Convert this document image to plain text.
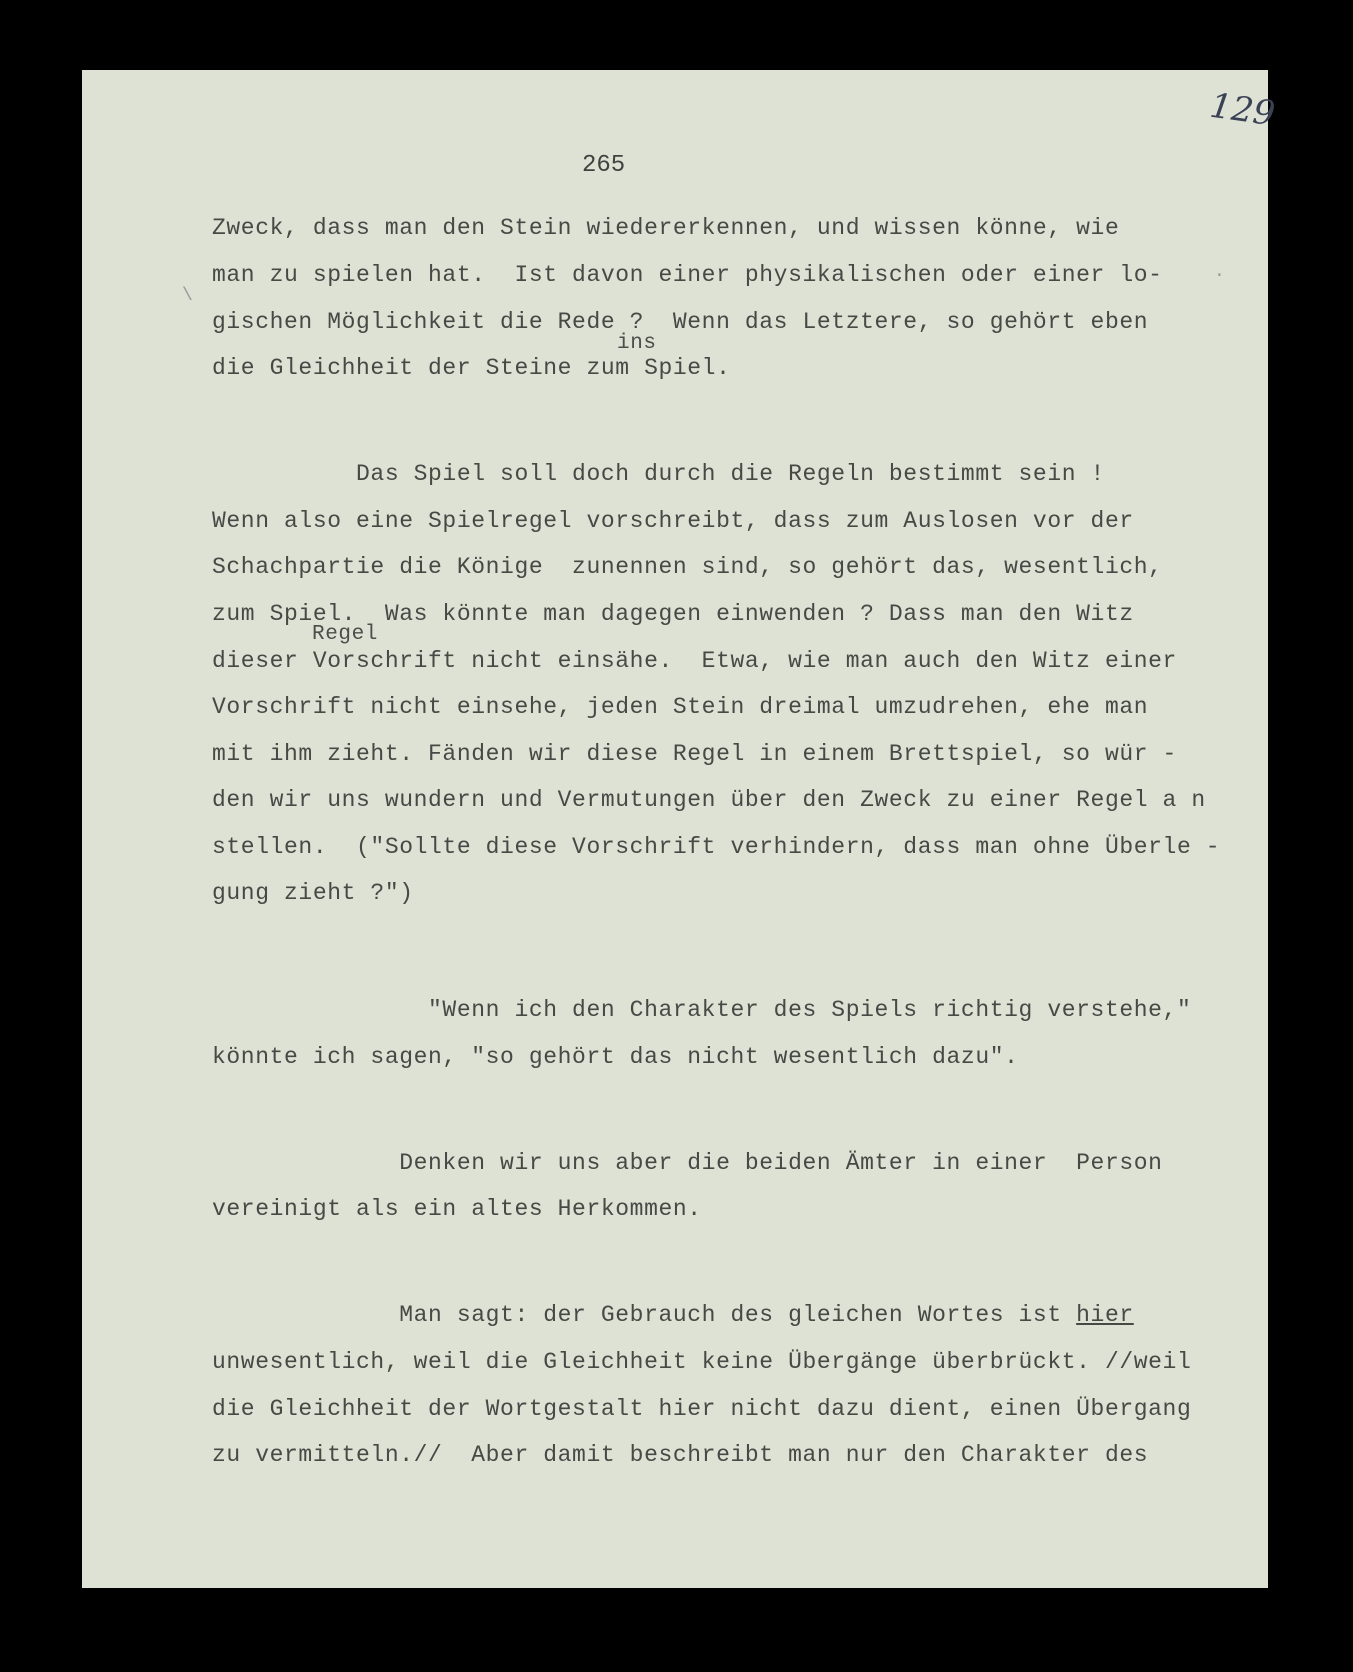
129
265
Zweck, dass man den Stein wiedererkennen, und wissen könne, wie
man zu spielen hat.  Ist davon einer physikalischen oder einer lo-
gischen Möglichkeit die Rede ?  Wenn das Letztere, so gehört eben
ins
die Gleichheit der Steine zum Spiel.
Das Spiel soll doch durch die Regeln bestimmt sein !
Wenn also eine Spielregel vorschreibt, dass zum Auslosen vor der
Schachpartie die Könige  zunennen sind, so gehört das, wesentlich,
zum Spiel.  Was könnte man dagegen einwenden ? Dass man den Witz
Regel
dieser Vorschrift nicht einsähe.  Etwa, wie man auch den Witz einer
Vorschrift nicht einsehe, jeden Stein dreimal umzudrehen, ehe man
mit ihm zieht. Fänden wir diese Regel in einem Brettspiel, so wür -
den wir uns wundern und Vermutungen über den Zweck zu einer Regel a n
stellen.  ("Sollte diese Vorschrift verhindern, dass man ohne Überle -
gung zieht ?")
"Wenn ich den Charakter des Spiels richtig verstehe,"
könnte ich sagen, "so gehört das nicht wesentlich dazu".
Denken wir uns aber die beiden Ämter in einer  Person
vereinigt als ein altes Herkommen.
Man sagt: der Gebrauch des gleichen Wortes ist hier
unwesentlich, weil die Gleichheit keine Übergänge überbrückt. //weil
die Gleichheit der Wortgestalt hier nicht dazu dient, einen Übergang
zu vermitteln.//  Aber damit beschreibt man nur den Charakter des
\
·
